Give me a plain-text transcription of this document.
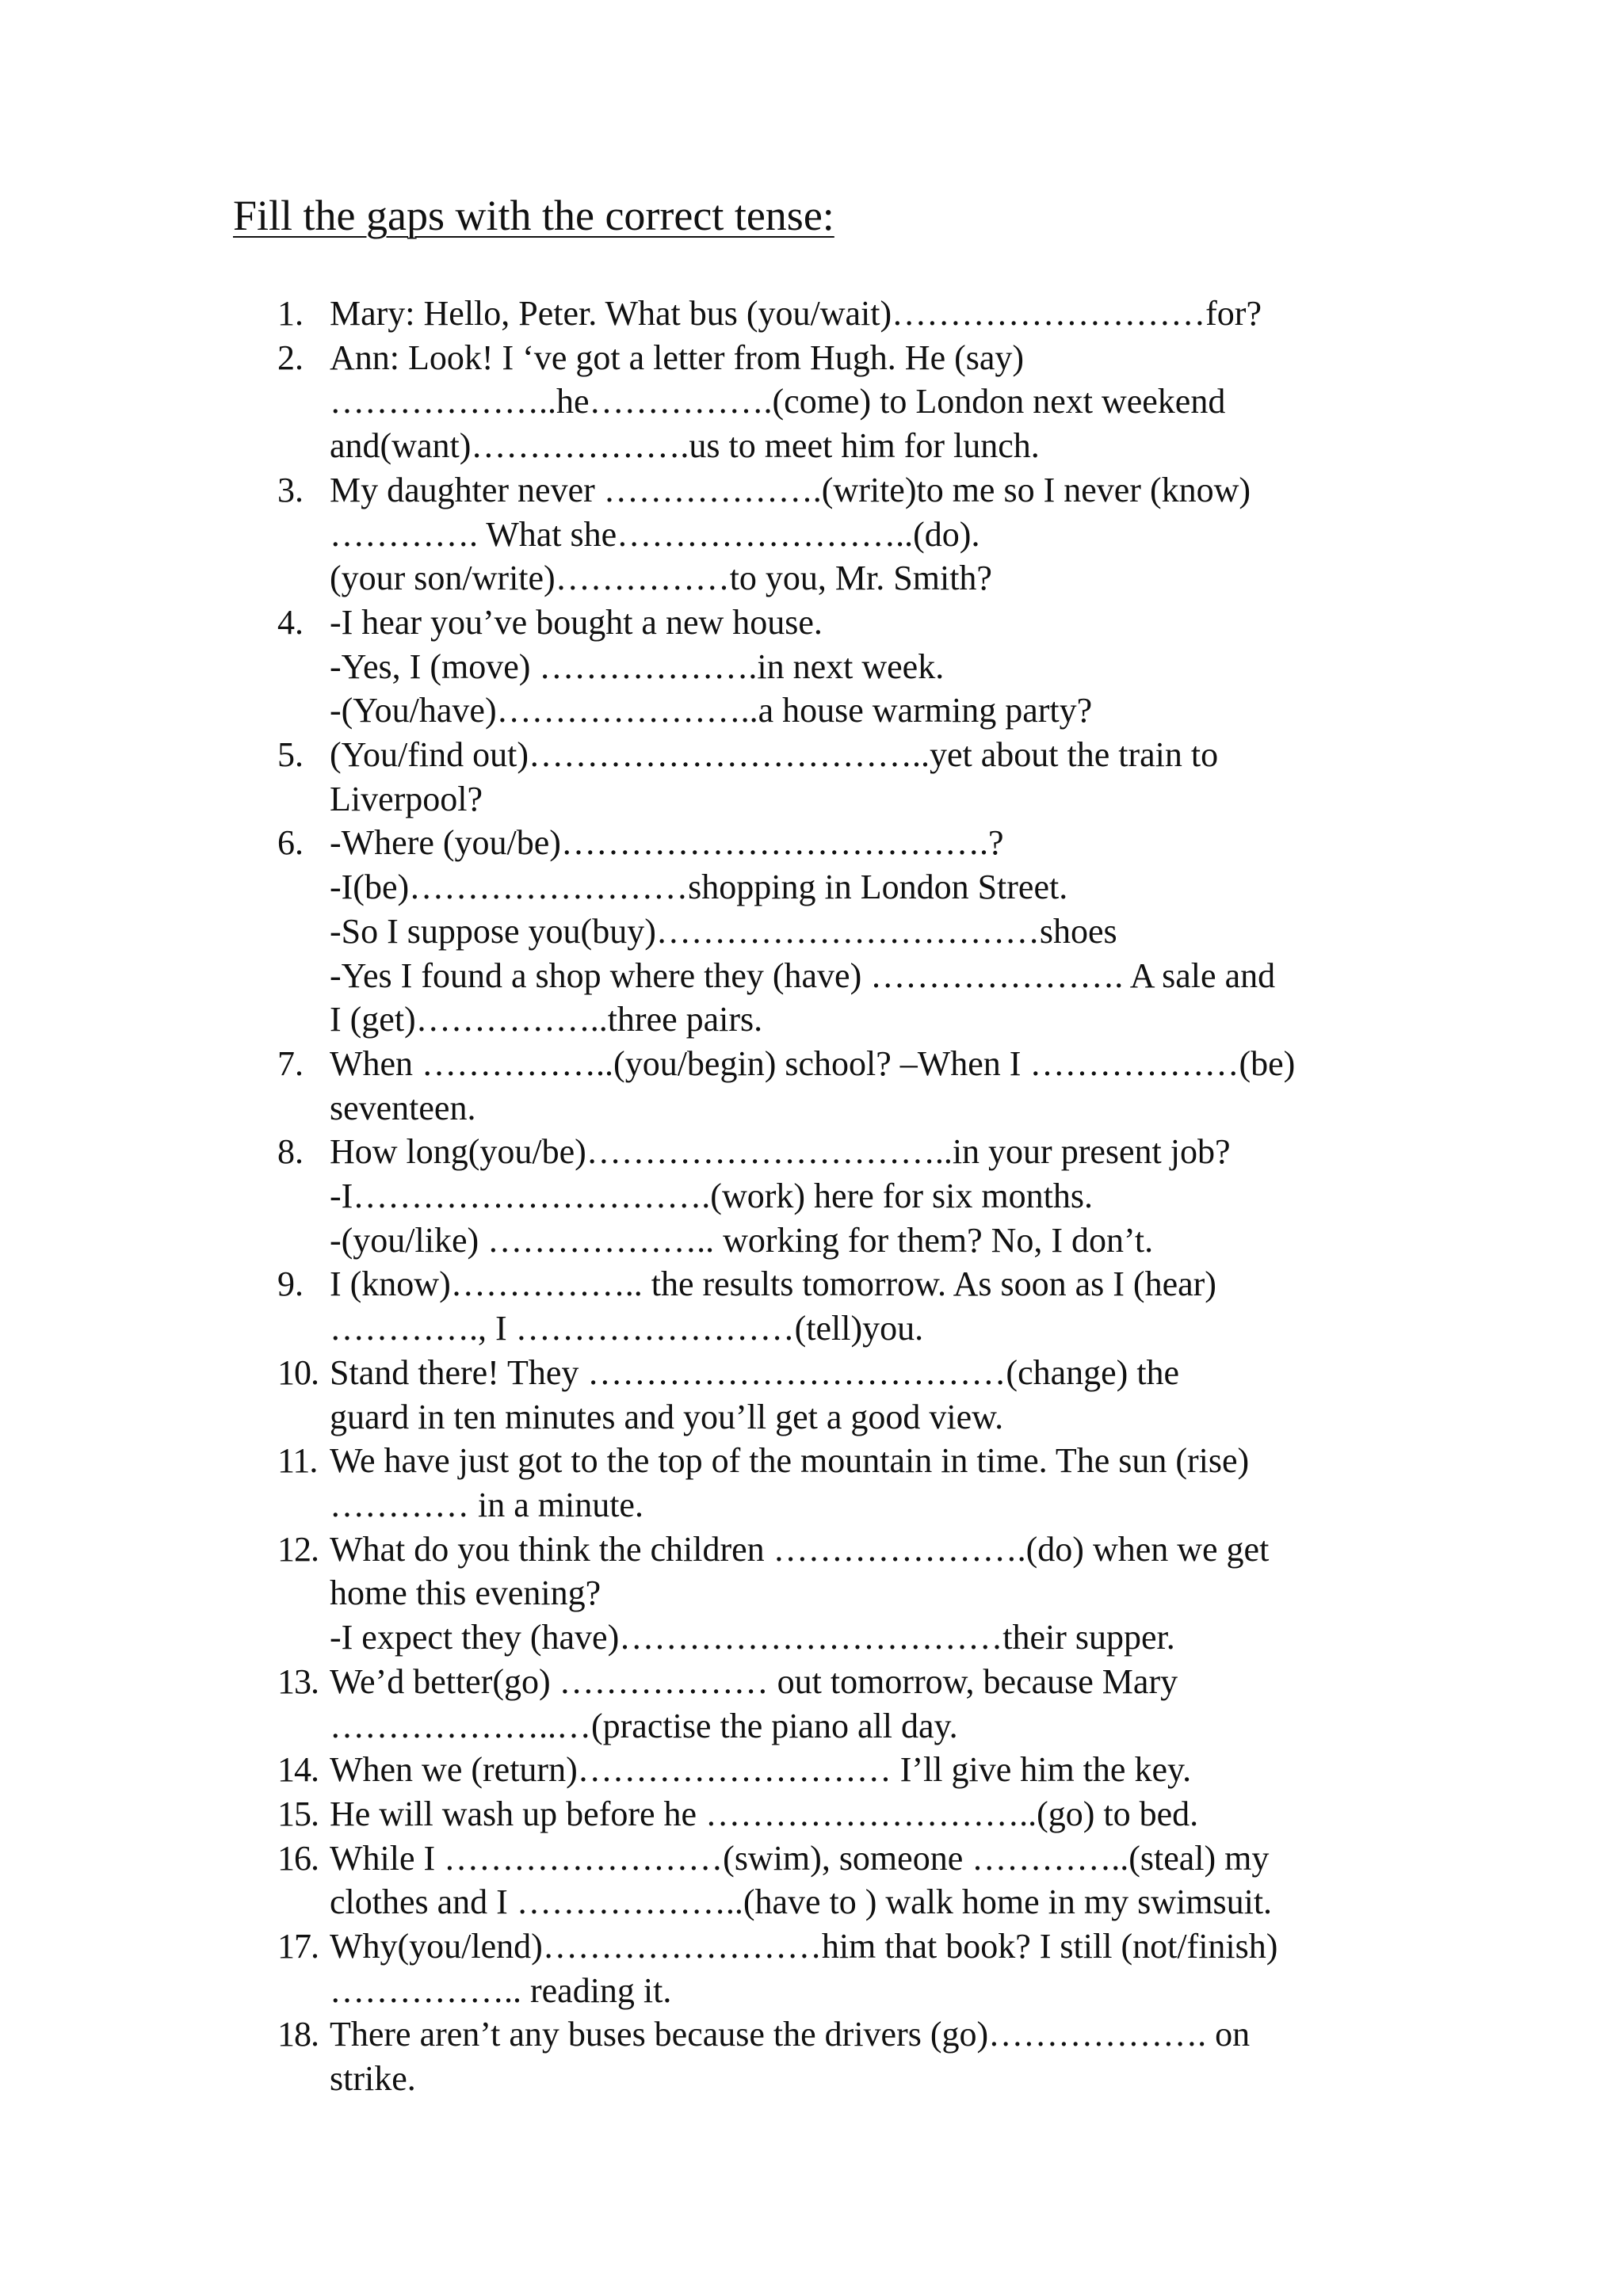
Fill the gaps with the correct tense:
1. Mary: Hello, Peter. What bus (you/wait)………………………for?
2. Ann: Look! I ‘ve got a letter from Hugh. He (say)
………………..he…………….(come) to London next weekend
and(want)……………….us to meet him for lunch.
3. My daughter never ……………….(write)to me so I never (know)
…………. What she……………………..(do).
(your son/write)……………to you, Mr. Smith?
4. -I hear you’ve bought a new house.
-Yes, I (move) ……………….in next week.
-(You/have)…………………..a house warming party?
5. (You/find out)……………………………..yet about the train to
Liverpool?
6. -Where (you/be)……………………………….?
-I(be)……………………shopping in London Street.
-So I suppose you(buy)……………………………shoes
-Yes I found a shop where they (have) …………………. A sale and
I (get)……………..three pairs.
7. When ……………..(you/begin) school? –When I ………………(be)
seventeen.
8. How long(you/be)…………………………..in your present job?
-I………………………….(work) here for six months.
-(you/like) ……………….. working for them? No, I don’t.
9. I (know)…………….. the results tomorrow. As soon as I (hear)
…………., I ……………………(tell)you.
10. Stand there! They ………………………………(change) the
guard in ten minutes and you’ll get a good view.
11. We have just got to the top of the mountain in time. The sun (rise)
………… in a minute.
12. What do you think the children ………………….(do) when we get
home this evening?
-I expect they (have)……………………………their supper.
13. We’d better(go) ……………… out tomorrow, because Mary
………………..…(practise the piano all day.
14. When we (return)……………………… I’ll give him the key.
15. He will wash up before he ………………………..(go) to bed.
16. While I ……………………(swim), someone …………..(steal) my
clothes and I ………………..(have to ) walk home in my swimsuit.
17. Why(you/lend)……………………him that book? I still (not/finish)
…………….. reading it.
18. There aren’t any buses because the drivers (go)………………. on
strike.
